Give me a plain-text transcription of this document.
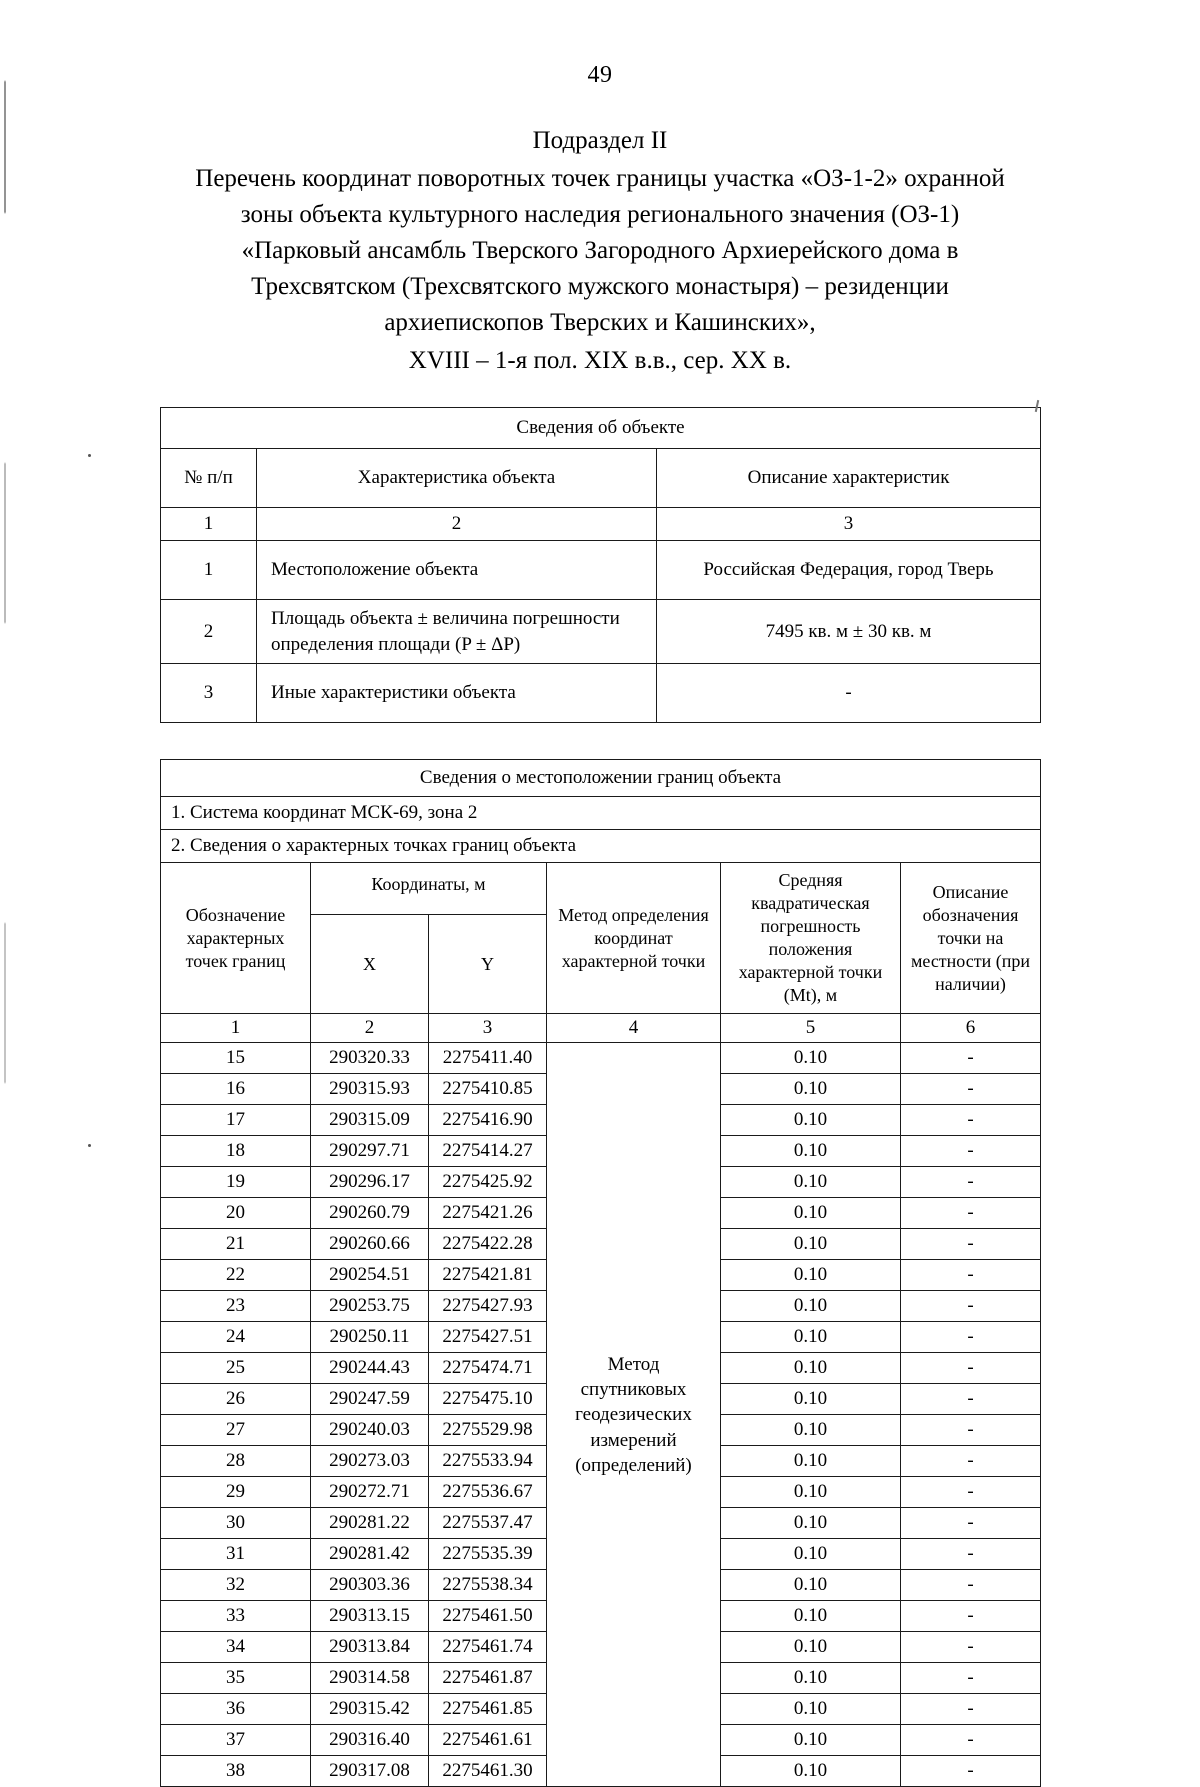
49
Подраздел II
Перечень координат поворотных точек границы участка «ОЗ-1-2» охранной
зоны объекта культурного наследия регионального значения (ОЗ-1)
«Парковый ансамбль Тверского Загородного Архиерейского дома в
Трехсвятском (Трехсвятского мужского монастыря) – резиденции
архиепископов Тверских и Кашинских»,
XVIII – 1-я пол. XIX в.в., сер. XX в.
Сведения об объекте		
№ п/п	Характеристика объекта	Описание характеристик
1	2	3
1	Местоположение объекта	Российская Федерация, город Тверь
2	Площадь объекта ± величина погрешности определения площади (P ± ΔP)	7495 кв. м ± 30 кв. м
3	Иные характеристики объекта	-
Сведения о местоположении границ объекта					
1. Система координат МСК-69, зона 2					
2. Сведения о характерных точках границ объекта					
Обозначение характерных точек границ	Координаты, м		Метод определения координат характерной точки	Средняя квадратическая погрешность положения характерной точки (Mt), м	Описание обозначения точки на местности (при наличии)
	X	Y			
1	2	3	4	5	6
15	290320.33	2275411.40	Метод спутниковых геодезических измерений (определений)	0.10	-
16	290315.93	2275410.85		0.10	-
17	290315.09	2275416.90		0.10	-
18	290297.71	2275414.27		0.10	-
19	290296.17	2275425.92		0.10	-
20	290260.79	2275421.26		0.10	-
21	290260.66	2275422.28		0.10	-
22	290254.51	2275421.81		0.10	-
23	290253.75	2275427.93		0.10	-
24	290250.11	2275427.51		0.10	-
25	290244.43	2275474.71		0.10	-
26	290247.59	2275475.10		0.10	-
27	290240.03	2275529.98		0.10	-
28	290273.03	2275533.94		0.10	-
29	290272.71	2275536.67		0.10	-
30	290281.22	2275537.47		0.10	-
31	290281.42	2275535.39		0.10	-
32	290303.36	2275538.34		0.10	-
33	290313.15	2275461.50		0.10	-
34	290313.84	2275461.74		0.10	-
35	290314.58	2275461.87		0.10	-
36	290315.42	2275461.85		0.10	-
37	290316.40	2275461.61		0.10	-
38	290317.08	2275461.30		0.10	-
